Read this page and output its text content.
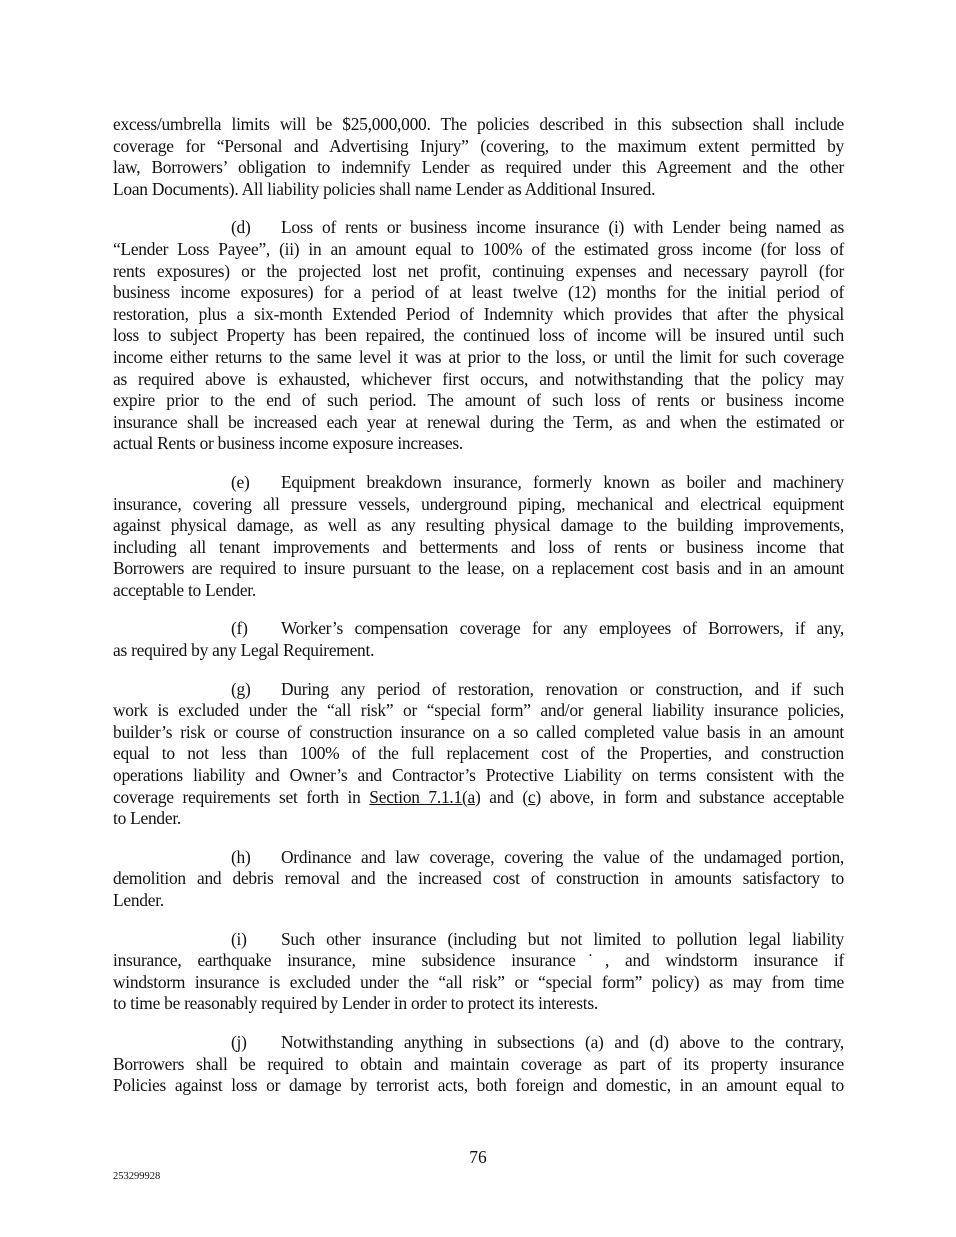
excess/umbrella limits will be $25,000,000. The policies described in this subsection shall include
coverage for “Personal and Advertising Injury” (covering, to the maximum extent permitted by
law, Borrowers’ obligation to indemnify Lender as required under this Agreement and the other
Loan Documents). All liability policies shall name Lender as Additional Insured.
(d) Loss of rents or business income insurance (i) with Lender being named as
“Lender Loss Payee”, (ii) in an amount equal to 100% of the estimated gross income (for loss of
rents exposures) or the projected lost net profit, continuing expenses and necessary payroll (for
business income exposures) for a period of at least twelve (12) months for the initial period of
restoration, plus a six-month Extended Period of Indemnity which provides that after the physical
loss to subject Property has been repaired, the continued loss of income will be insured until such
income either returns to the same level it was at prior to the loss, or until the limit for such coverage
as required above is exhausted, whichever first occurs, and notwithstanding that the policy may
expire prior to the end of such period. The amount of such loss of rents or business income
insurance shall be increased each year at renewal during the Term, as and when the estimated or
actual Rents or business income exposure increases.
(e) Equipment breakdown insurance, formerly known as boiler and machinery
insurance, covering all pressure vessels, underground piping, mechanical and electrical equipment
against physical damage, as well as any resulting physical damage to the building improvements,
including all tenant improvements and betterments and loss of rents or business income that
Borrowers are required to insure pursuant to the lease, on a replacement cost basis and in an amount
acceptable to Lender.
(f) Worker’s compensation coverage for any employees of Borrowers, if any,
as required by any Legal Requirement.
(g) During any period of restoration, renovation or construction, and if such
work is excluded under the “all risk” or “special form” and/or general liability insurance policies,
builder’s risk or course of construction insurance on a so called completed value basis in an amount
equal to not less than 100% of the full replacement cost of the Properties, and construction
operations liability and Owner’s and Contractor’s Protective Liability on terms consistent with the
coverage requirements set forth in Section 7.1.1(a) and (c) above, in form and substance acceptable
to Lender.
(h) Ordinance and law coverage, covering the value of the undamaged portion,
demolition and debris removal and the increased cost of construction in amounts satisfactory to
Lender.
(i) Such other insurance (including but not limited to pollution legal liability
insurance, earthquake insurance, mine subsidence insurance˙, and windstorm insurance if
windstorm insurance is excluded under the “all risk” or “special form” policy) as may from time
to time be reasonably required by Lender in order to protect its interests.
(j) Notwithstanding anything in subsections (a) and (d) above to the contrary,
Borrowers shall be required to obtain and maintain coverage as part of its property insurance
Policies against loss or damage by terrorist acts, both foreign and domestic, in an amount equal to
76
253299928
